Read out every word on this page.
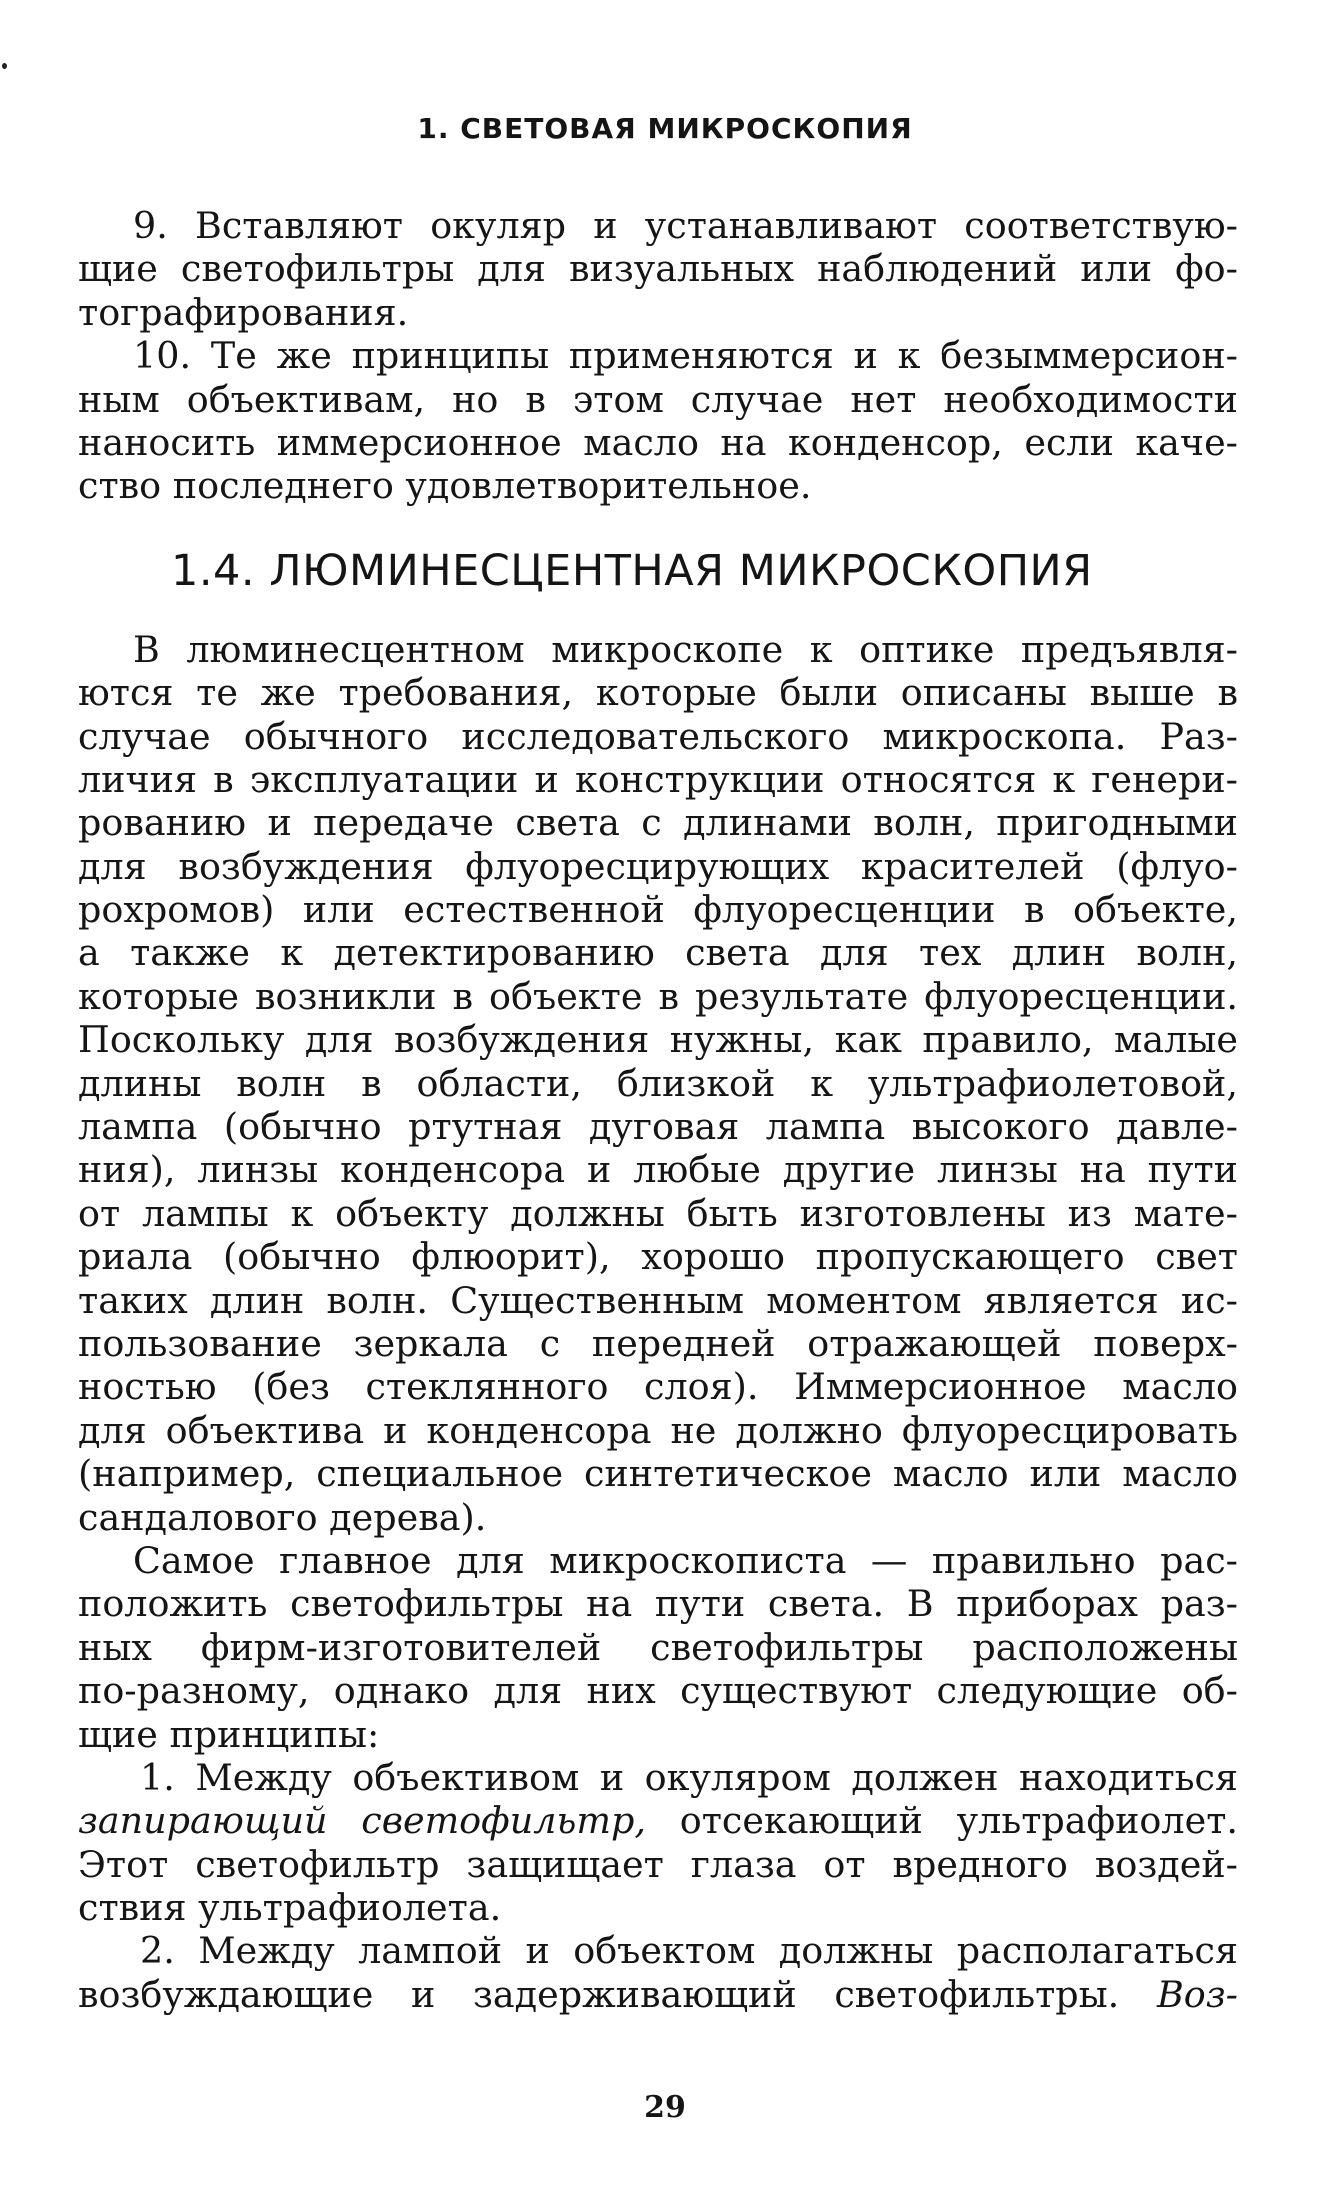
1. СВЕТОВАЯ МИКРОСКОПИЯ
9. Вставляют окуляр и устанавливают соответствую-
щие светофильтры для визуальных наблюдений или фо-
тографирования.
10. Те же принципы применяются и к безыммерсион-
ным объективам, но в этом случае нет необходимости
наносить иммерсионное масло на конденсор, если каче-
ство последнего удовлетворительное.
1.4. ЛЮМИНЕСЦЕНТНАЯ МИКРОСКОПИЯ
В люминесцентном микроскопе к оптике предъявля-
ются те же требования, которые были описаны выше в
случае обычного исследовательского микроскопа. Раз-
личия в эксплуатации и конструкции относятся к генери-
рованию и передаче света с длинами волн, пригодными
для возбуждения флуоресцирующих красителей (флуо-
рохромов) или естественной флуоресценции в объекте,
а также к детектированию света для тех длин волн,
которые возникли в объекте в результате флуоресценции.
Поскольку для возбуждения нужны, как правило, малые
длины волн в области, близкой к ультрафиолетовой,
лампа (обычно ртутная дуговая лампа высокого давле-
ния), линзы конденсора и любые другие линзы на пути
от лампы к объекту должны быть изготовлены из мате-
риала (обычно флюорит), хорошо пропускающего свет
таких длин волн. Существенным моментом является ис-
пользование зеркала с передней отражающей поверх-
ностью (без стеклянного слоя). Иммерсионное масло
для объектива и конденсора не должно флуоресцировать
(например, специальное синтетическое масло или масло
сандалового дерева).
Самое главное для микроскописта — правильно рас-
положить светофильтры на пути света. В приборах раз-
ных фирм-изготовителей светофильтры расположены
по-разному, однако для них существуют следующие об-
щие принципы:
1. Между объективом и окуляром должен находиться
запирающий светофильтр, отсекающий ультрафиолет.
Этот светофильтр защищает глаза от вредного воздей-
ствия ультрафиолета.
2. Между лампой и объектом должны располагаться
возбуждающие и задерживающий светофильтры. Воз-
29
